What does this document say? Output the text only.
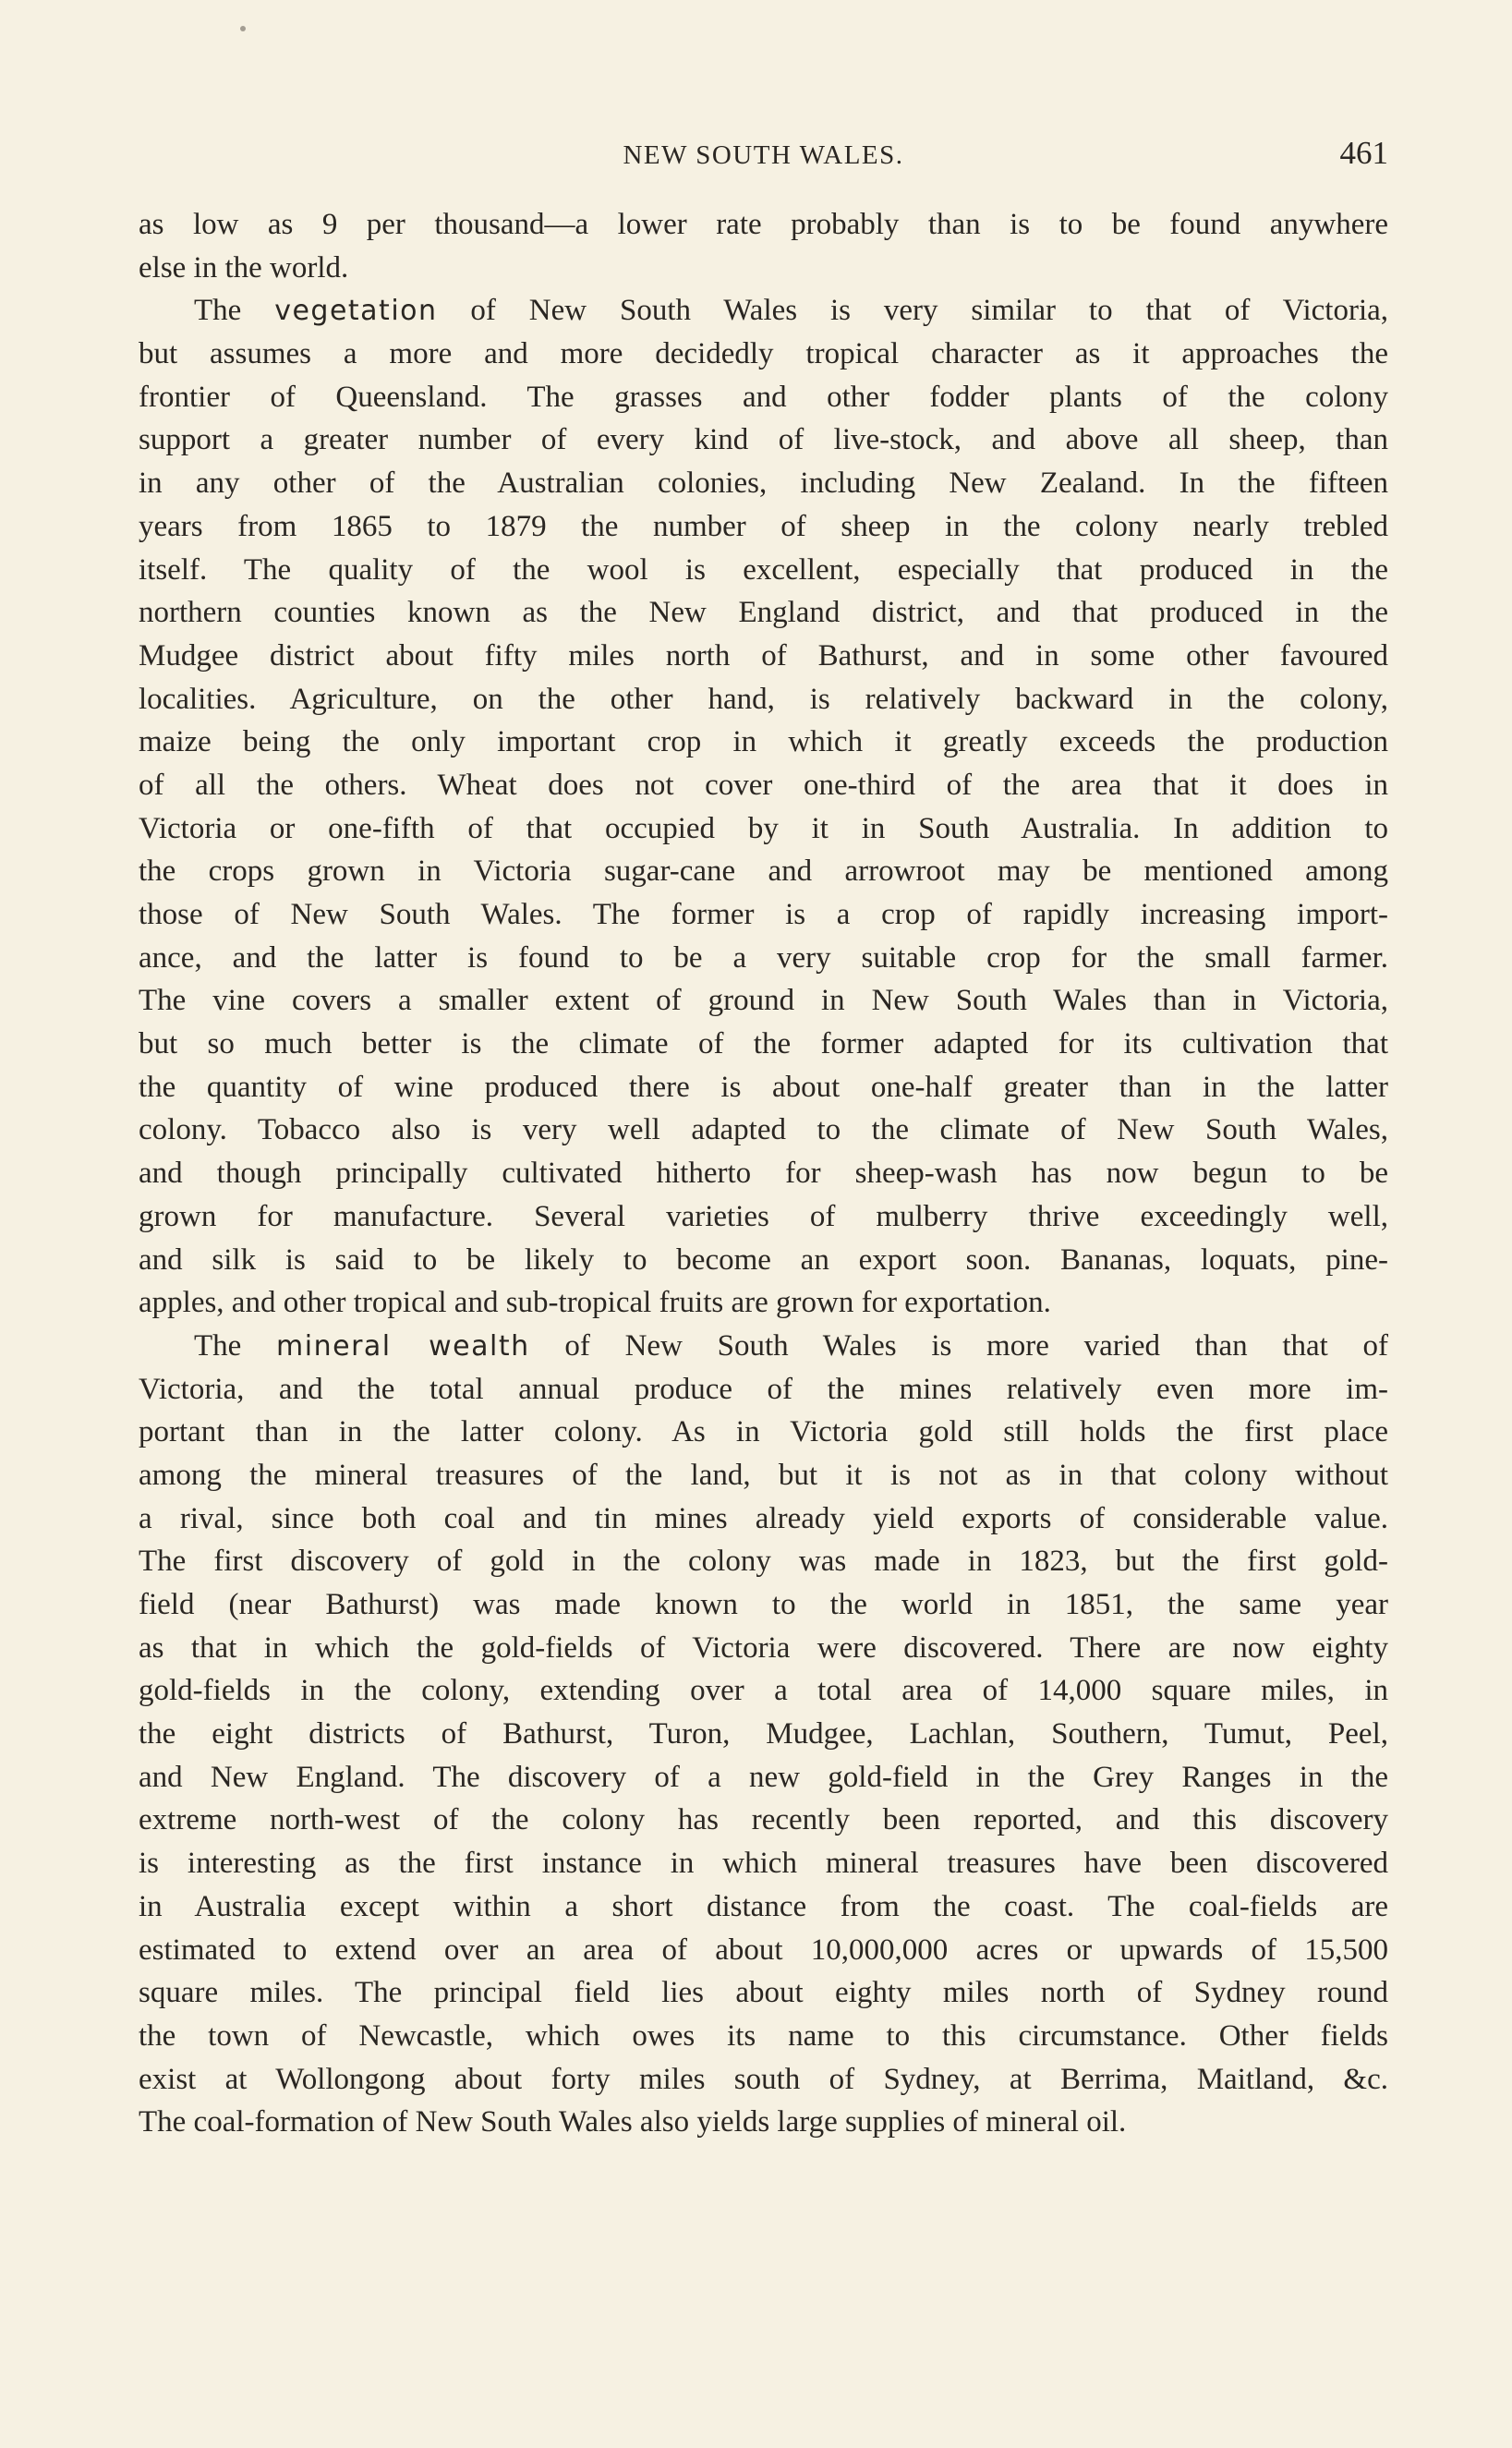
NEW SOUTH WALES.	461
as low as 9 per thousand—a lower rate probably than is to be found anywhere
else in the world.
The vegetation of New South Wales is very similar to that of Victoria,
but assumes a more and more decidedly tropical character as it approaches the
frontier of Queensland. The grasses and other fodder plants of the colony
support a greater number of every kind of live-stock, and above all sheep, than
in any other of the Australian colonies, including New Zealand. In the fifteen
years from 1865 to 1879 the number of sheep in the colony nearly trebled
itself. The quality of the wool is excellent, especially that produced in the
northern counties known as the New England district, and that produced in the
Mudgee district about fifty miles north of Bathurst, and in some other favoured
localities. Agriculture, on the other hand, is relatively backward in the colony,
maize being the only important crop in which it greatly exceeds the production
of all the others. Wheat does not cover one-third of the area that it does in
Victoria or one-fifth of that occupied by it in South Australia. In addition to
the crops grown in Victoria sugar-cane and arrowroot may be mentioned among
those of New South Wales. The former is a crop of rapidly increasing import-
ance, and the latter is found to be a very suitable crop for the small farmer.
The vine covers a smaller extent of ground in New South Wales than in Victoria,
but so much better is the climate of the former adapted for its cultivation that
the quantity of wine produced there is about one-half greater than in the latter
colony. Tobacco also is very well adapted to the climate of New South Wales,
and though principally cultivated hitherto for sheep-wash has now begun to be
grown for manufacture. Several varieties of mulberry thrive exceedingly well,
and silk is said to be likely to become an export soon. Bananas, loquats, pine-
apples, and other tropical and sub-tropical fruits are grown for exportation.
The mineral wealth of New South Wales is more varied than that of
Victoria, and the total annual produce of the mines relatively even more im-
portant than in the latter colony. As in Victoria gold still holds the first place
among the mineral treasures of the land, but it is not as in that colony without
a rival, since both coal and tin mines already yield exports of considerable value.
The first discovery of gold in the colony was made in 1823, but the first gold-
field (near Bathurst) was made known to the world in 1851, the same year
as that in which the gold-fields of Victoria were discovered. There are now eighty
gold-fields in the colony, extending over a total area of 14,000 square miles, in
the eight districts of Bathurst, Turon, Mudgee, Lachlan, Southern, Tumut, Peel,
and New England. The discovery of a new gold-field in the Grey Ranges in the
extreme north-west of the colony has recently been reported, and this discovery
is interesting as the first instance in which mineral treasures have been discovered
in Australia except within a short distance from the coast. The coal-fields are
estimated to extend over an area of about 10,000,000 acres or upwards of 15,500
square miles. The principal field lies about eighty miles north of Sydney round
the town of Newcastle, which owes its name to this circumstance. Other fields
exist at Wollongong about forty miles south of Sydney, at Berrima, Maitland, &c.
The coal-formation of New South Wales also yields large supplies of mineral oil.
